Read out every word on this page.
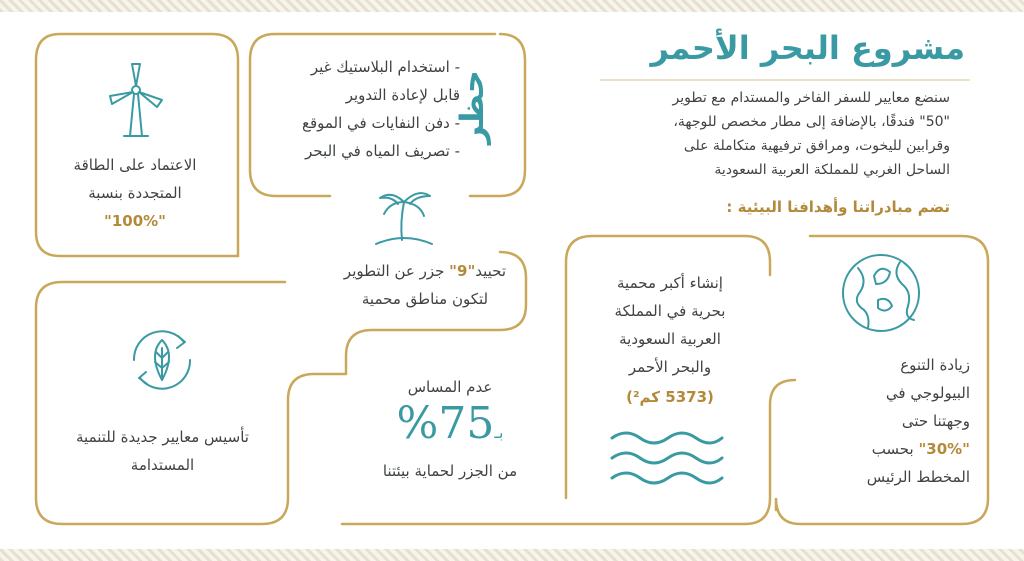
مشروع البحر الأحمر
سنضع معايير للسفر الفاخر والمستدام مع تطوير
"50" فندقًا، بالإضافة إلى مطار مخصص للوجهة،
وقرابين لليخوت، ومرافق ترفيهية متكاملة على
الساحل الغربي للمملكة العربية السعودية
تضم مبادراتنا وأهدافنا البيئية :
الاعتماد على الطاقة
المتجددة بنسبة
"100%"
- استخدام البلاستيك غير
قابل لإعادة التدوير
- دفن النفايات في الموقع
- تصريف المياه في البحر
حظر
تحييد"9" جزر عن التطوير
لتكون مناطق محمية
تأسيس معايير جديدة للتنمية
المستدامة
عدم المساس
بـ75%
من الجزر لحماية بيئتنا
إنشاء أكبر محمية
بحرية في المملكة
العربية السعودية
والبحر الأحمر
(5373 كم²)
زيادة التنوع
البيولوجي في
وجهتنا حتى
"30%" بحسب
المخطط الرئيس
